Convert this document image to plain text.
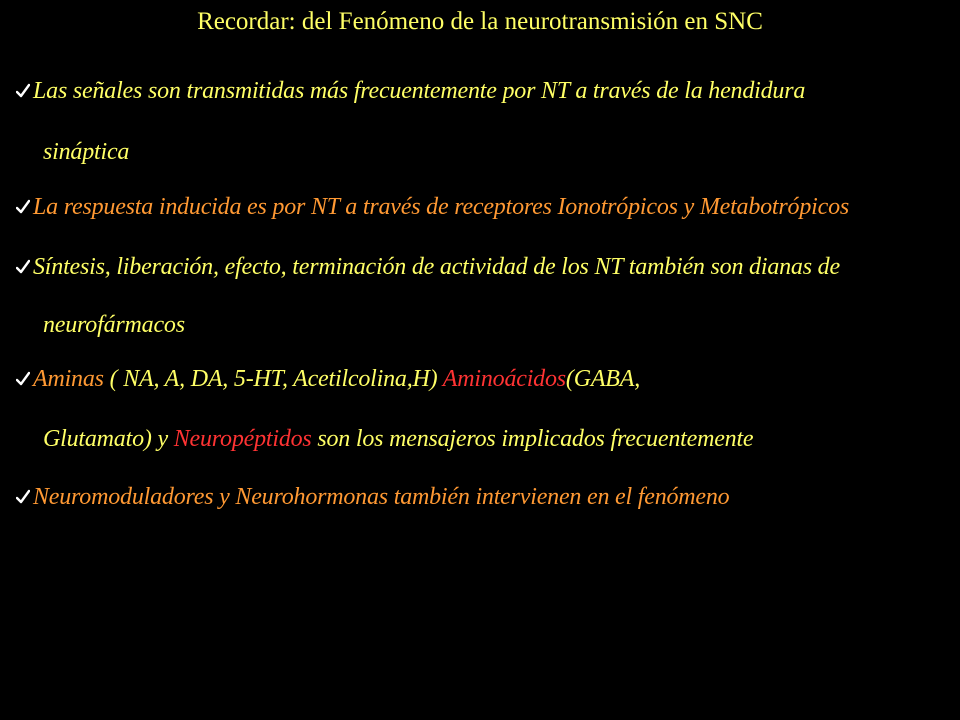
Recordar: del Fenómeno de la neurotransmisión en SNC
Las señales son transmitidas más frecuentemente por NT a través de la hendidura
sináptica
La respuesta inducida es por NT a través de receptores Ionotrópicos y Metabotrópicos
Síntesis, liberación, efecto, terminación de actividad de los NT también son dianas de
neurofármacos
Aminas ( NA, A, DA, 5-HT, Acetilcolina,H) Aminoácidos(GABA,
Glutamato) y Neuropéptidos son los mensajeros implicados frecuentemente
Neuromoduladores y Neurohormonas también intervienen en el fenómeno
